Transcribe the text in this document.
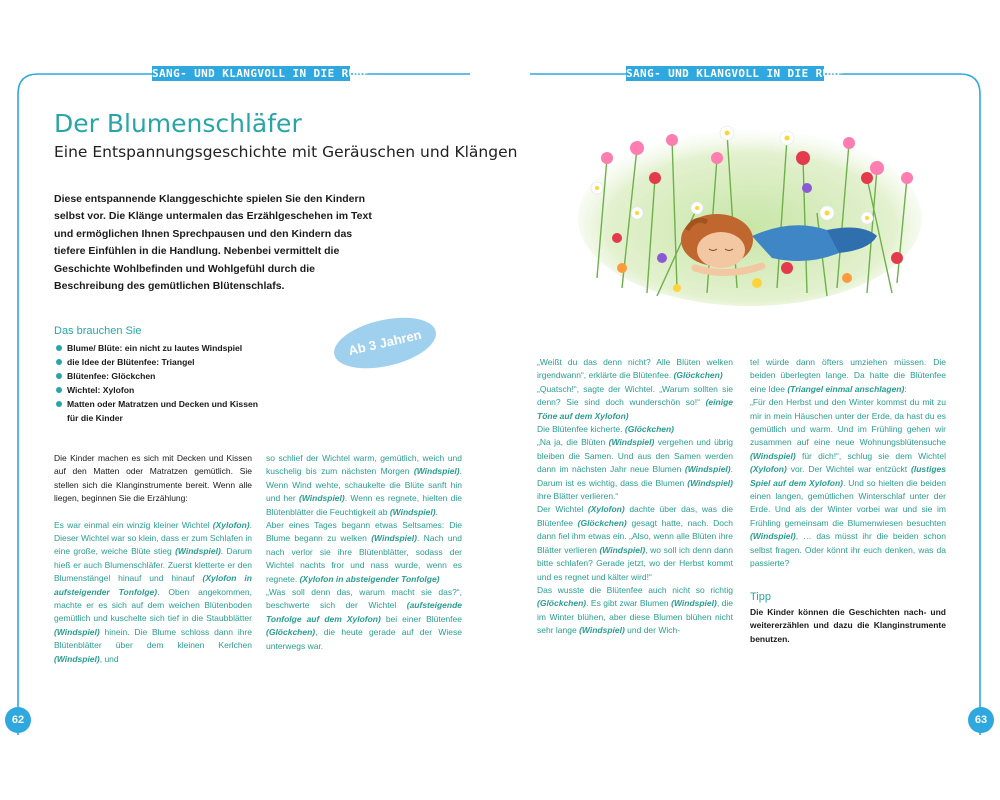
SANG- UND KLANGVOLL IN DIE RUHE	SANG- UND KLANGVOLL IN DIE RUHE
Der Blumenschläfer
Eine Entspannungsgeschichte mit Geräuschen und Klängen
Diese entspannende Klanggeschichte spielen Sie den Kindern selbst vor. Die Klänge untermalen das Erzählgeschehen im Text und ermöglichen Ihnen Sprechpausen und den Kindern das tiefere Einfühlen in die Handlung. Nebenbei vermittelt die Geschichte Wohlbefinden und Wohlgefühl durch die Beschreibung des gemütlichen Blütenschlafs.
Das brauchen Sie
Blume/ Blüte: ein nicht zu lautes Windspiel
die Idee der Blütenfee: Triangel
Blütenfee: Glöckchen
Wichtel: Xylofon
Matten oder Matratzen und Decken und Kissen für die Kinder
Ab 3 Jahren

Die Kinder machen es sich mit Decken und Kissen auf den Matten oder Matratzen gemütlich. Sie stellen sich die Klanginstrumente bereit. Wenn alle liegen, beginnen Sie die Erzählung:

Es war einmal ein winzig kleiner Wichtel (Xylofon). Dieser Wichtel war so klein, dass er zum Schlafen in eine große, weiche Blüte stieg (Windspiel). Darum hieß er auch Blumenschläfer. Zuerst kletterte er den Blumenstängel hinauf und hinauf (Xylofon in aufsteigender Tonfolge). Oben angekommen, machte er es sich auf dem weichen Blütenboden gemütlich und kuschelte sich tief in die Staubblätter (Windspiel) hinein. Die Blume schloss dann ihre Blütenblätter über dem kleinen Kerlchen (Windspiel), und

so schlief der Wichtel warm, gemütlich, weich und kuschelig bis zum nächsten Morgen (Windspiel). Wenn Wind wehte, schaukelte die Blüte sanft hin und her (Windspiel). Wenn es regnete, hielten die Blütenblätter die Feuchtigkeit ab (Windspiel).
Aber eines Tages begann etwas Seltsames: Die Blume begann zu welken (Windspiel). Nach und nach verlor sie ihre Blütenblätter, sodass der Wichtel nachts fror und nass wurde, wenn es regnete. (Xylofon in absteigender Tonfolge)
„Was soll denn das, warum macht sie das?“, beschwerte sich der Wichtel (aufsteigende Tonfolge auf dem Xylofon) bei einer Blütenfee (Glöckchen), die heute gerade auf der Wiese unterwegs war.

„Weißt du das denn nicht? Alle Blüten welken irgendwann“, erklärte die Blütenfee. (Glöckchen)
„Quatsch!“, sagte der Wichtel. „Warum sollten sie denn? Sie sind doch wunderschön so!“ (einige Töne auf dem Xylofon)
Die Blütenfee kicherte. (Glöckchen)
„Na ja, die Blüten (Windspiel) vergehen und übrig bleiben die Samen. Und aus den Samen werden dann im nächsten Jahr neue Blumen (Windspiel). Darum ist es wichtig, dass die Blumen (Windspiel) ihre Blätter verlieren.“
Der Wichtel (Xylofon) dachte über das, was die Blütenfee (Glöckchen) gesagt hatte, nach. Doch dann fiel ihm etwas ein. „Also, wenn alle Blüten ihre Blätter verlieren (Windspiel), wo soll ich denn dann bitte schlafen? Gerade jetzt, wo der Herbst kommt und es regnet und kälter wird!“
Das wusste die Blütenfee auch nicht so richtig (Glöckchen). Es gibt zwar Blumen (Windspiel), die im Winter blühen, aber diese Blumen blühen nicht sehr lange (Windspiel) und der Wich-

tel würde dann öfters umziehen müssen. Die beiden überlegten lange. Da hatte die Blütenfee eine Idee (Triangel einmal anschlagen):
„Für den Herbst und den Winter kommst du mit zu mir in mein Häuschen unter der Erde, da hast du es gemütlich und warm. Und im Frühling gehen wir zusammen auf eine neue Wohnungsblütensuche (Windspiel) für dich!“, schlug sie dem Wichtel (Xylofon) vor. Der Wichtel war entzückt (lustiges Spiel auf dem Xylofon). Und so hielten die beiden einen langen, gemütlichen Winterschlaf unter der Erde. Und als der Winter vorbei war und sie im Frühling gemeinsam die Blumenwiesen besuchten (Windspiel), … das müsst ihr die beiden schon selbst fragen. Oder könnt ihr euch denken, was da passierte?

Tipp

Die Kinder können die Geschichten nach- und weitererzählen und dazu die Klanginstrumente benutzen.

62	63
